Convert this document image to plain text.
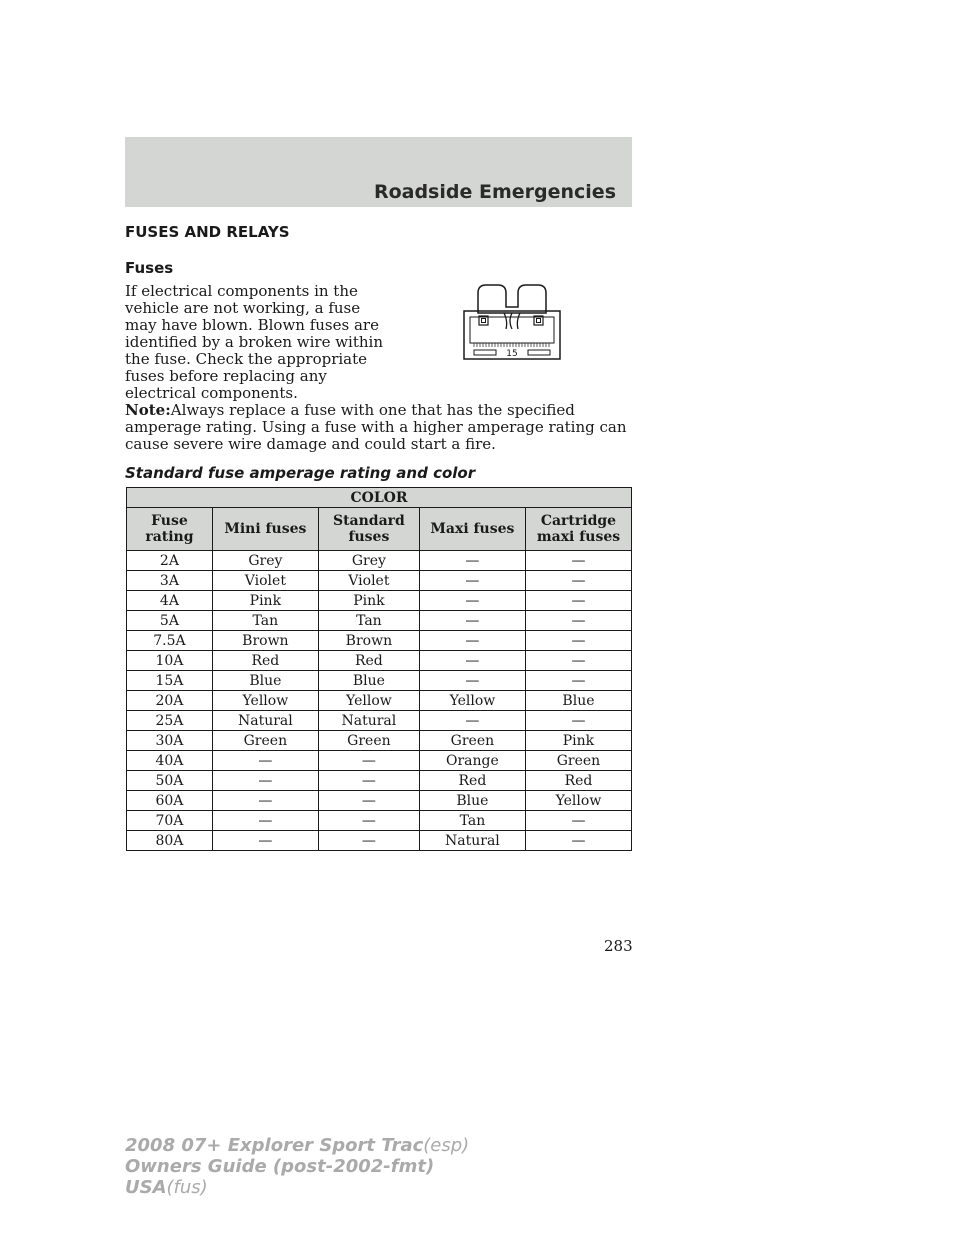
Roadside Emergencies
FUSES AND RELAYS
Fuses
If electrical components in the vehicle are not working, a fuse may have blown. Blown fuses are identified by a broken wire within the fuse. Check the appropriate fuses before replacing any electrical components.
15
Note:Always replace a fuse with one that has the specified amperage rating. Using a fuse with a higher amperage rating can cause severe wire damage and could start a fire.
Standard fuse amperage rating and color
COLOR				
Fuse rating	Mini fuses	Standard fuses	Maxi fuses	Cartridge maxi fuses
2A	Grey	Grey	—	—
3A	Violet	Violet	—	—
4A	Pink	Pink	—	—
5A	Tan	Tan	—	—
7.5A	Brown	Brown	—	—
10A	Red	Red	—	—
15A	Blue	Blue	—	—
20A	Yellow	Yellow	Yellow	Blue
25A	Natural	Natural	—	—
30A	Green	Green	Green	Pink
40A	—	—	Orange	Green
50A	—	—	Red	Red
60A	—	—	Blue	Yellow
70A	—	—	Tan	—
80A	—	—	Natural	—
283
2008 07+ Explorer Sport Trac(esp)
Owners Guide (post-2002-fmt)
USA(fus)
